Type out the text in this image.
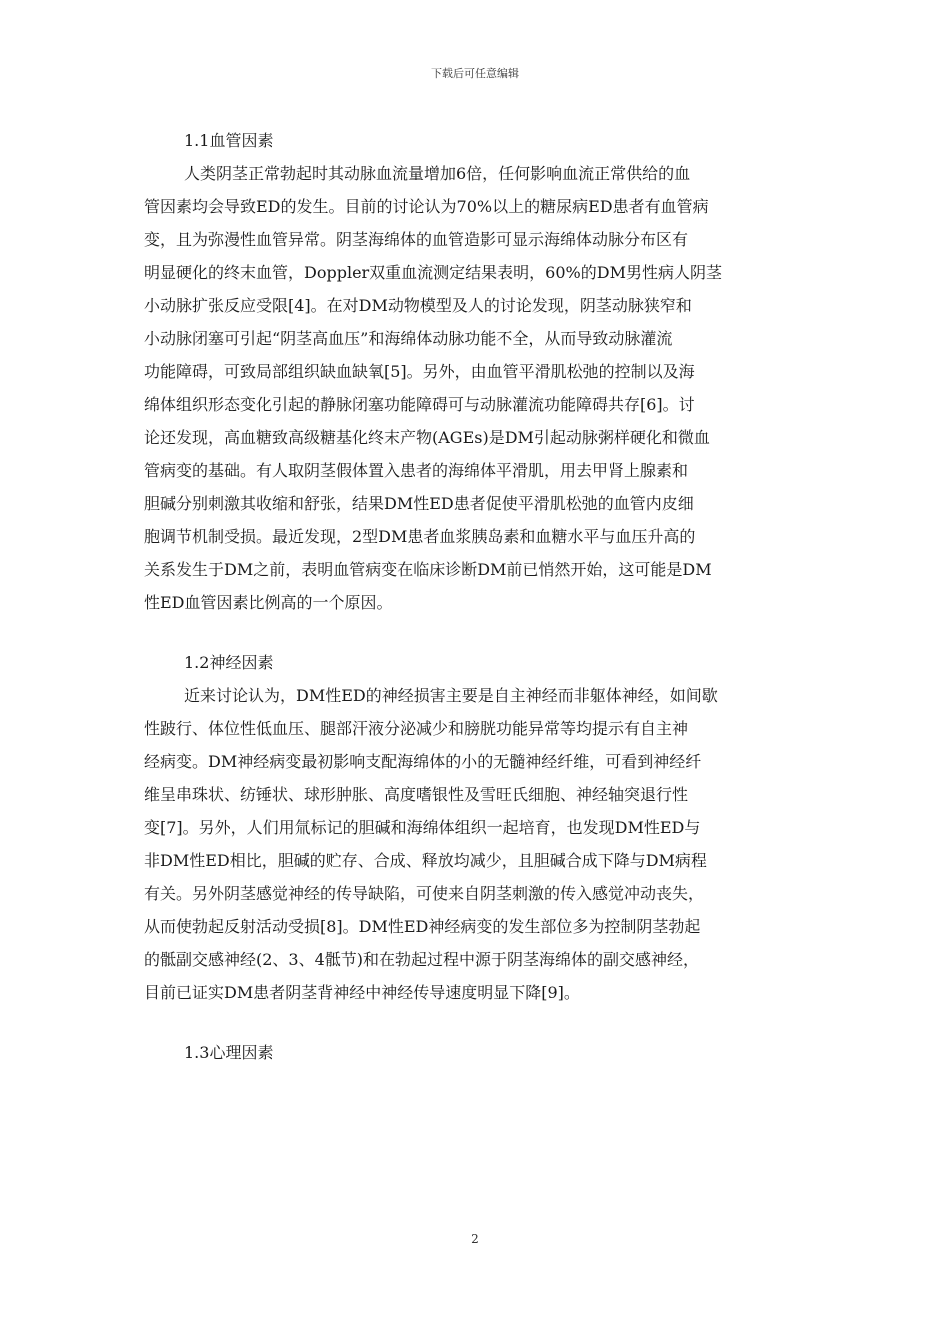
下载后可任意编辑
1.1血管因素
人类阴茎正常勃起时其动脉血流量增加6倍，任何影响血流正常供给的血
管因素均会导致ED的发生。目前的讨论认为70%以上的糖尿病ED患者有血管病
变，且为弥漫性血管异常。阴茎海绵体的血管造影可显示海绵体动脉分布区有
明显硬化的终末血管，Doppler双重血流测定结果表明，60%的DM男性病人阴茎
小动脉扩张反应受限[4]。在对DM动物模型及人的讨论发现，阴茎动脉狭窄和
小动脉闭塞可引起“阴茎高血压”和海绵体动脉功能不全，从而导致动脉灌流
功能障碍，可致局部组织缺血缺氧[5]。另外，由血管平滑肌松弛的控制以及海
绵体组织形态变化引起的静脉闭塞功能障碍可与动脉灌流功能障碍共存[6]。讨
论还发现，高血糖致高级糖基化终末产物(AGEs)是DM引起动脉粥样硬化和微血
管病变的基础。有人取阴茎假体置入患者的海绵体平滑肌，用去甲肾上腺素和
胆碱分别刺激其收缩和舒张，结果DM性ED患者促使平滑肌松弛的血管内皮细
胞调节机制受损。最近发现，2型DM患者血浆胰岛素和血糖水平与血压升高的
关系发生于DM之前，表明血管病变在临床诊断DM前已悄然开始，这可能是DM
性ED血管因素比例高的一个原因。
1.2神经因素
近来讨论认为，DM性ED的神经损害主要是自主神经而非躯体神经，如间歇
性跛行、体位性低血压、腿部汗液分泌减少和膀胱功能异常等均提示有自主神
经病变。DM神经病变最初影响支配海绵体的小的无髓神经纤维，可看到神经纤
维呈串珠状、纺锤状、球形肿胀、高度嗜银性及雪旺氏细胞、神经轴突退行性
变[7]。另外，人们用氚标记的胆碱和海绵体组织一起培育，也发现DM性ED与
非DM性ED相比，胆碱的贮存、合成、释放均减少，且胆碱合成下降与DM病程
有关。另外阴茎感觉神经的传导缺陷，可使来自阴茎刺激的传入感觉冲动丧失，
从而使勃起反射活动受损[8]。DM性ED神经病变的发生部位多为控制阴茎勃起
的骶副交感神经(2、3、4骶节)和在勃起过程中源于阴茎海绵体的副交感神经，
目前已证实DM患者阴茎背神经中神经传导速度明显下降[9]。
1.3心理因素
2
